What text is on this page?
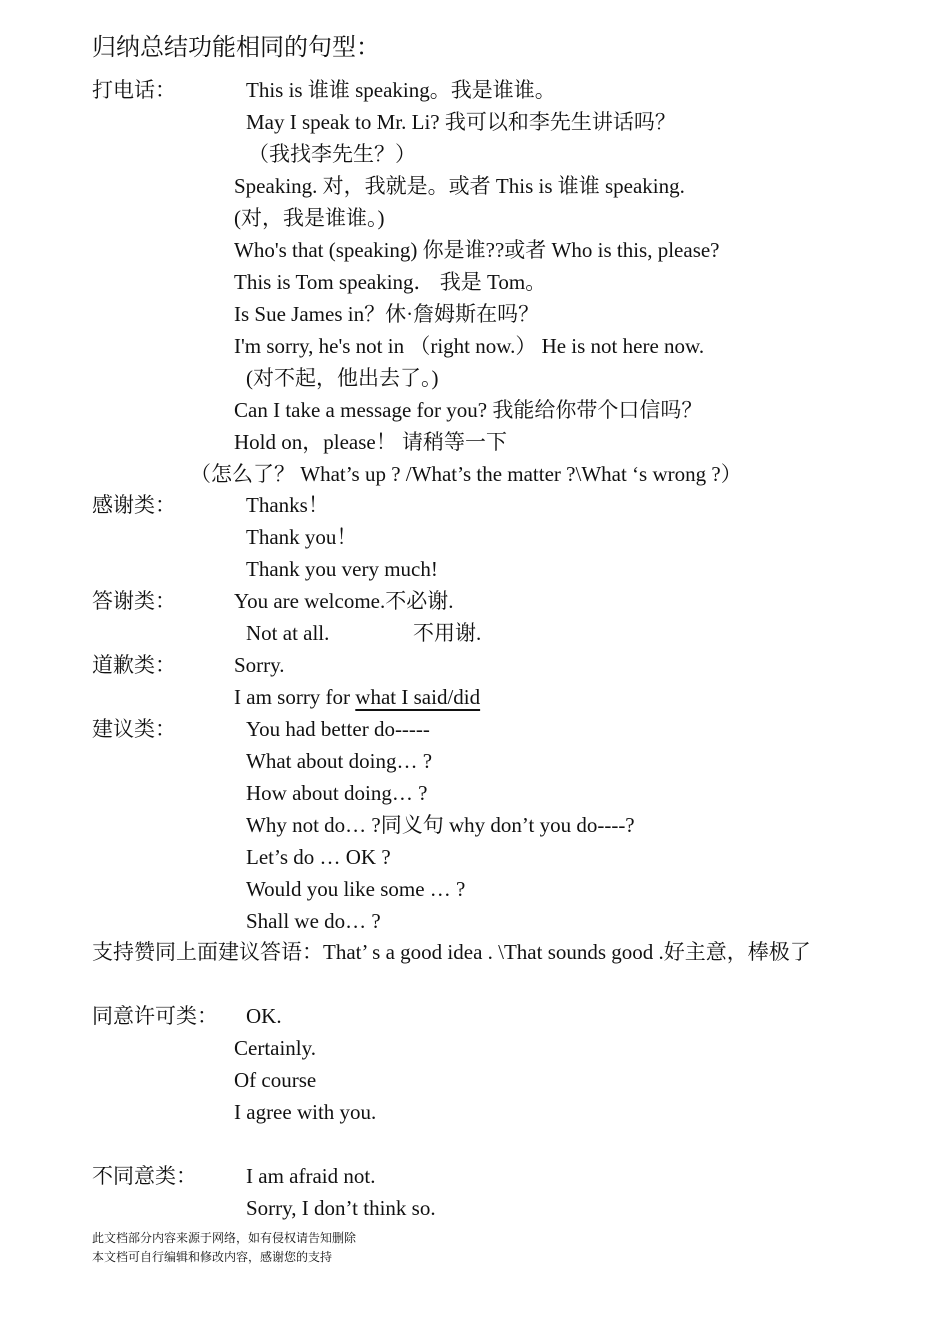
归纳总结功能相同的句型：
打电话：	This is 谁谁 speaking。我是谁谁。
May I speak to Mr. Li? 我可以和李先生讲话吗？
（我找李先生？）
Speaking. 对，我就是。或者 This is 谁谁 speaking.
(对，我是谁谁。)
Who's that (speaking) 你是谁??或者 Who is this, please?
This is Tom speaking． 我是 Tom。
Is Sue James in？休·詹姆斯在吗？
I'm sorry, he's not in （right now.） He is not here now.
(对不起，他出去了。)
Can I take a message for you? 我能给你带个口信吗？
Hold on，please！ 请稍等一下
（怎么了？ What’s up ? /What’s the matter ?\What ‘s wrong ?）
感谢类：	Thanks！
Thank you！
Thank you very much!
答谢类：	You are welcome.不必谢.
Not at all.	不用谢.
道歉类：	Sorry.
I am sorry for what I said/did
建议类：	You had better do-----
What about doing… ?
How about doing… ?
Why not do… ?同义句 why don’t you do----?
Let’s do … OK ?
Would you like some … ?
Shall we do… ?
支持赞同上面建议答语：That’ s a good idea . \That sounds good .好主意，棒极了
同意许可类： OK.
Certainly.
Of course
I agree with you.
不同意类： I am afraid not.
Sorry, I don’t think so.
此文档部分内容来源于网络，如有侵权请告知删除
本文档可自行编辑和修改内容，感谢您的支持
